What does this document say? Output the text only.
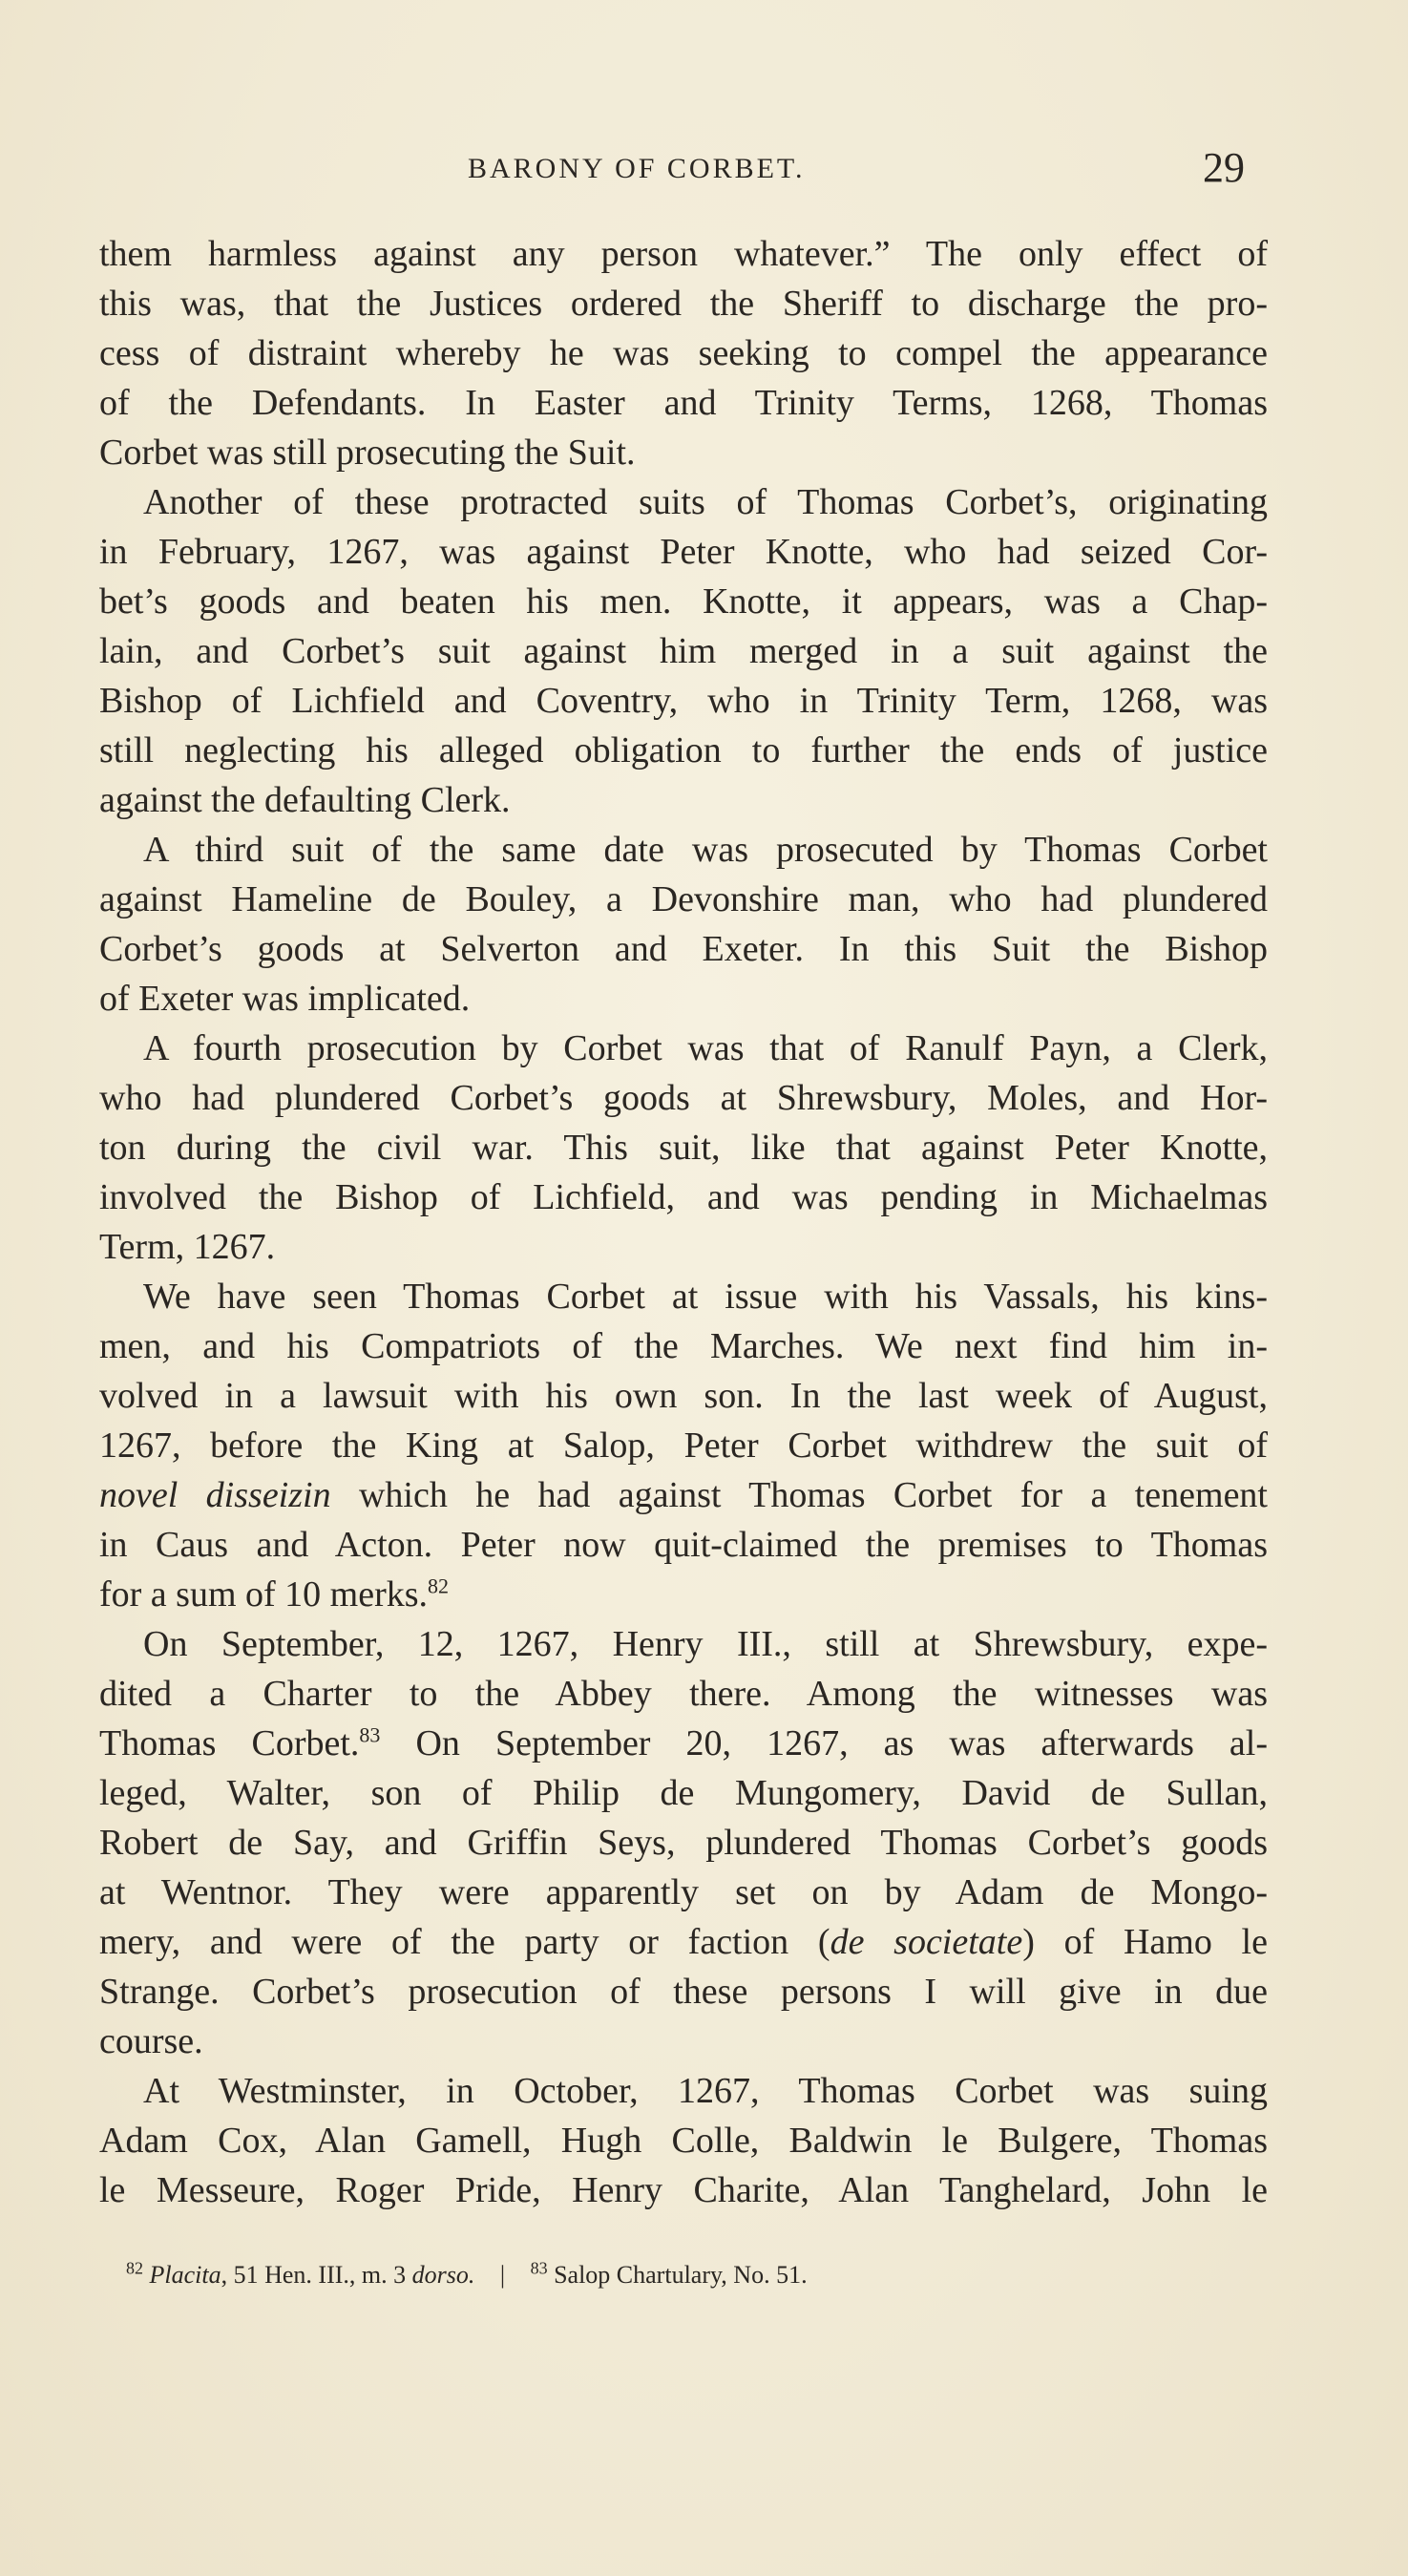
BARONY OF CORBET.	29
them harmless against any person whatever.” The only effect of
this was, that the Justices ordered the Sheriff to discharge the pro-
cess of distraint whereby he was seeking to compel the appearance
of the Defendants. In Easter and Trinity Terms, 1268, Thomas
Corbet was still prosecuting the Suit.
Another of these protracted suits of Thomas Corbet’s, originating
in February, 1267, was against Peter Knotte, who had seized Cor-
bet’s goods and beaten his men. Knotte, it appears, was a Chap-
lain, and Corbet’s suit against him merged in a suit against the
Bishop of Lichfield and Coventry, who in Trinity Term, 1268, was
still neglecting his alleged obligation to further the ends of justice
against the defaulting Clerk.
A third suit of the same date was prosecuted by Thomas Corbet
against Hameline de Bouley, a Devonshire man, who had plundered
Corbet’s goods at Selverton and Exeter. In this Suit the Bishop
of Exeter was implicated.
A fourth prosecution by Corbet was that of Ranulf Payn, a Clerk,
who had plundered Corbet’s goods at Shrewsbury, Moles, and Hor-
ton during the civil war. This suit, like that against Peter Knotte,
involved the Bishop of Lichfield, and was pending in Michaelmas
Term, 1267.
We have seen Thomas Corbet at issue with his Vassals, his kins-
men, and his Compatriots of the Marches. We next find him in-
volved in a lawsuit with his own son. In the last week of August,
1267, before the King at Salop, Peter Corbet withdrew the suit of
novel disseizin which he had against Thomas Corbet for a tenement
in Caus and Acton. Peter now quit-claimed the premises to Thomas
for a sum of 10 merks.$^{82}$
On September, 12, 1267, Henry III., still at Shrewsbury, expe-
dited a Charter to the Abbey there. Among the witnesses was
Thomas Corbet.$^{83}$ On September 20, 1267, as was afterwards al-
leged, Walter, son of Philip de Mungomery, David de Sullan,
Robert de Say, and Griffin Seys, plundered Thomas Corbet’s goods
at Wentnor. They were apparently set on by Adam de Mongo-
mery, and were of the party or faction (de societate) of Hamo le
Strange. Corbet’s prosecution of these persons I will give in due
course.
At Westminster, in October, 1267, Thomas Corbet was suing
Adam Cox, Alan Gamell, Hugh Colle, Baldwin le Bulgere, Thomas
le Messeure, Roger Pride, Henry Charite, Alan Tanghelard, John le
$^{82}$ Placita, 51 Hen. III., m. 3 dorso. | $^{83}$ Salop Chartulary, No. 51.
